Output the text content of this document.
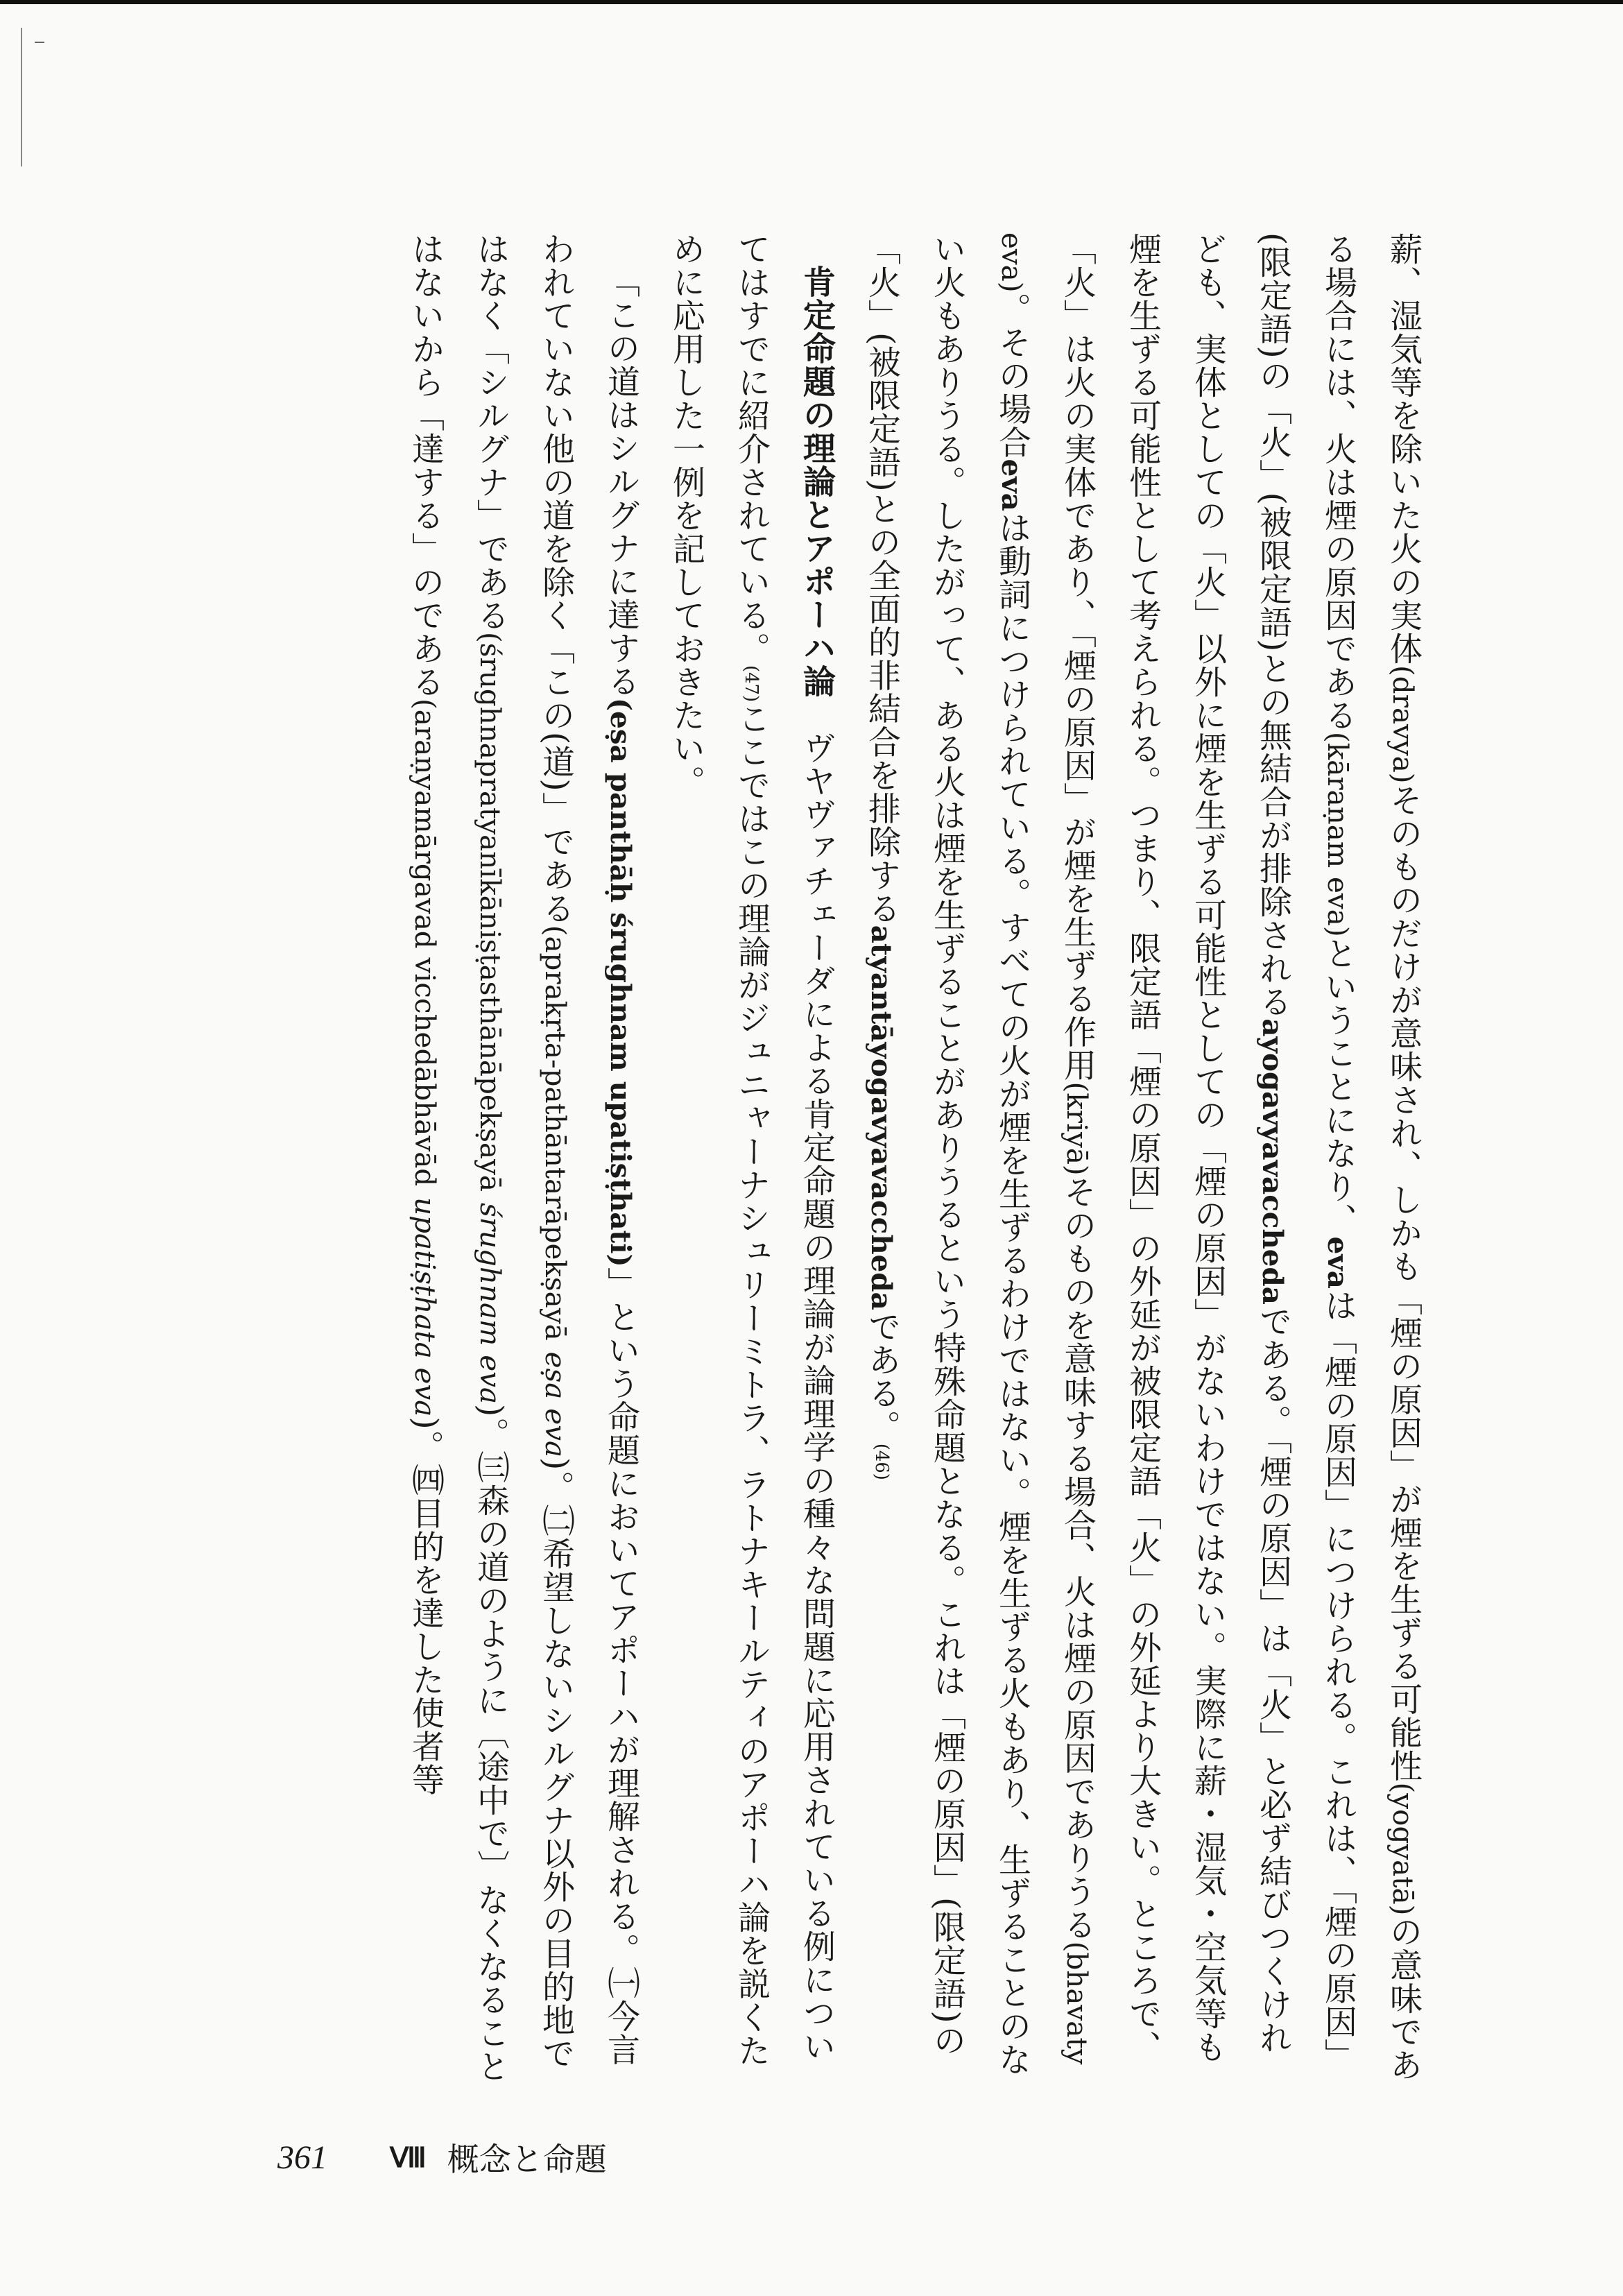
薪、湿気等を除いた火の実体(dravya)そのものだけが意味され、しかも「煙の原因」が煙を生ずる可能性(yogyatā)の意味である場合には、火は煙の原因である(kāraṇam eva)ということになり、evaは「煙の原因」につけられる。これは、「煙の原因」(限定語)の「火」(被限定語)との無結合が排除されるayogavyavacchedaである。「煙の原因」は「火」と必ず結びつくけれども、実体としての「火」以外に煙を生ずる可能性としての「煙の原因」がないわけではない。実際に薪・湿気・空気等も煙を生ずる可能性として考えられる。つまり、限定語「煙の原因」の外延が被限定語「火」の外延より大きい。ところで、「火」は火の実体であり、「煙の原因」が煙を生ずる作用(kriyā)そのものを意味する場合、火は煙の原因でありうる(bhavaty eva)。その場合evaは動詞につけられている。すべての火が煙を生ずるわけではない。煙を生ずる火もあり、生ずることのない火もありうる。したがって、ある火は煙を生ずることがありうるという特殊命題となる。これは「煙の原因」(限定語)の「火」(被限定語)との全面的非結合を排除するatyantāyogavyavacchedaである。(46)

肯定命題の理論とアポーハ論　ヴヤヴァチェーダによる肯定命題の理論が論理学の種々な問題に応用されている例についてはすでに紹介されている。(47)ここではこの理論がジュニャーナシュリーミトラ、ラトナキールティのアポーハ論を説くために応用した一例を記しておきたい。

「この道はシルグナに達する(eṣa panthāḥ śrughnam upatiṣṭhati)」という命題においてアポーハが理解される。㈠今言われていない他の道を除く「この(道)」である(aprakṛta-pathāntarāpekṣayā eṣa eva)。㈡希望しないシルグナ以外の目的地ではなく「シルグナ」である(śrughnapratyanīkāniṣṭasthānāpekṣayā śrughnam eva)。㈢森の道のように〔途中で〕なくなることはないから「達する」のである(araṇyamārgavad vicchedābhāvād upatiṣṭhata eva)。㈣目的を達した使者等

361 Ⅷ 概念と命題
